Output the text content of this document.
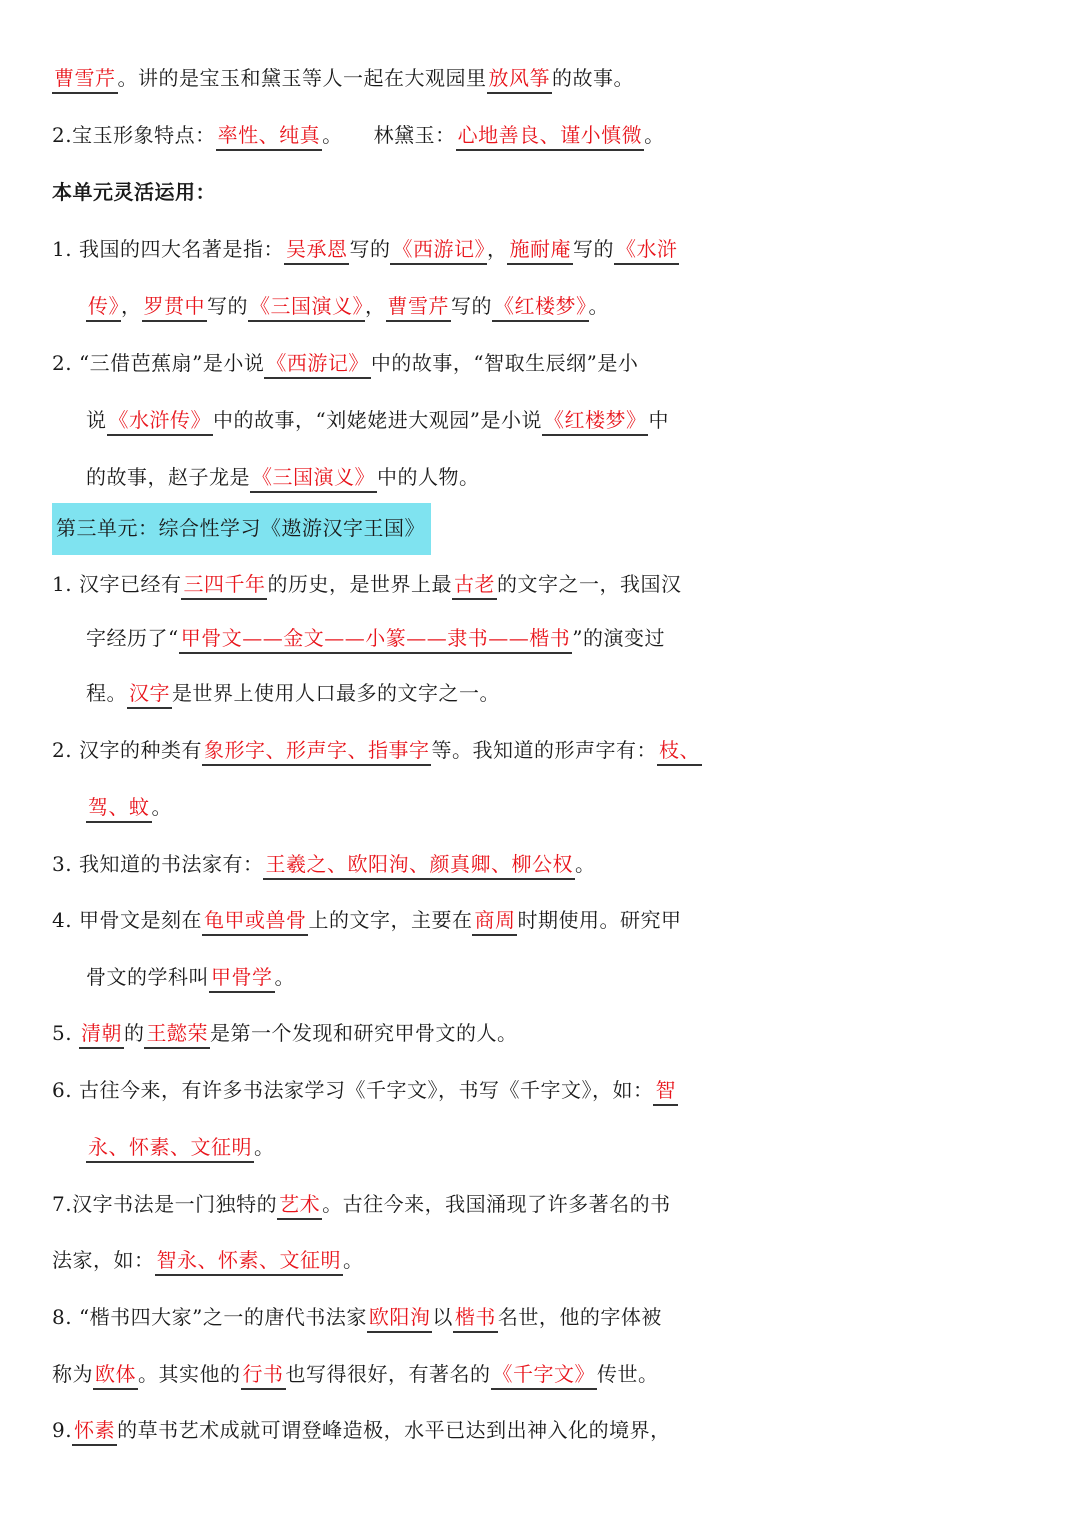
曹雪芹 。讲的是宝玉和黛玉等人一起在大观园里 放风筝 的故事。
2.宝玉形象特点： 率性、纯真 。　　林黛玉： 心地善良、谨小慎微 。
本单元灵活运用：
1. 我国的四大名著是指： 吴承恩 写的 《西游记》 ， 施耐庵 写的 《水浒
传》 ， 罗贯中 写的 《三国演义》 ， 曹雪芹 写的 《红楼梦》 。
2. “三借芭蕉扇”是小说 《西游记》 中的故事，“智取生辰纲”是小
说 《水浒传》 中的故事，“刘姥姥进大观园”是小说 《红楼梦》 中
的故事，赵子龙是 《三国演义》 中的人物。
第三单元：综合性学习《遨游汉字王国》
1. 汉字已经有 三四千年 的历史，是世界上最 古老 的文字之一，我国汉
字经历了“ 甲骨文——金文——小篆——隶书——楷书 ”的演变过
程。 汉字 是世界上使用人口最多的文字之一。
2. 汉字的种类有 象形字、形声字、指事字 等。我知道的形声字有： 枝、
驾、蚊 。
3. 我知道的书法家有： 王羲之、欧阳洵、颜真卿、柳公权 。
4. 甲骨文是刻在 龟甲或兽骨 上的文字，主要在 商周 时期使用。研究甲
骨文的学科叫 甲骨学 。
5. 清朝 的 王懿荣 是第一个发现和研究甲骨文的人。
6. 古往今来，有许多书法家学习《千字文》，书写《千字文》，如： 智
永、怀素、文征明 。
7.汉字书法是一门独特的 艺术 。古往今来，我国涌现了许多著名的书
法家，如： 智永、怀素、文征明 。
8. “楷书四大家”之一的唐代书法家 欧阳洵 以 楷书 名世，他的字体被
称为 欧体 。其实他的 行书 也写得很好，有著名的 《千字文》 传世。
9. 怀素 的草书艺术成就可谓登峰造极，水平已达到出神入化的境界，
